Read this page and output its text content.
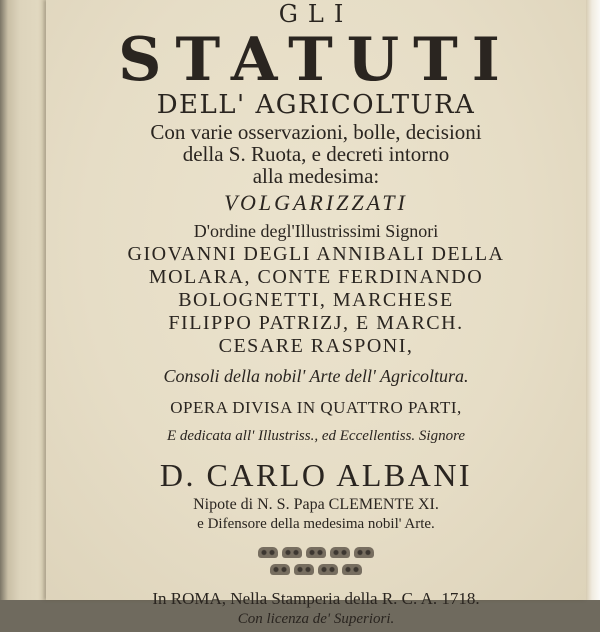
GLI
STATUTI
DELL' AGRICOLTURA
Con varie osservazioni, bolle, decisioni
della S. Ruota, e decreti intorno
alla medesima:
VOLGARIZZATI
D'ordine degl'Illustrissimi Signori
GIOVANNI DEGLI ANNIBALI DELLA
MOLARA, CONTE FERDINANDO
BOLOGNETTI, MARCHESE
FILIPPO PATRIZJ, E MARCH.
CESARE RASPONI,
Consoli della nobil' Arte dell' Agricoltura.
OPERA DIVISA IN QUATTRO PARTI,
E dedicata all' Illustriss., ed Eccellentiss. Signore
D. CARLO ALBANI
Nipote di N. S. Papa CLEMENTE XI.
e Difensore della medesima nobil' Arte.
In ROMA, Nella Stamperia della R. C. A. 1718.
Con licenza de' Superiori.
